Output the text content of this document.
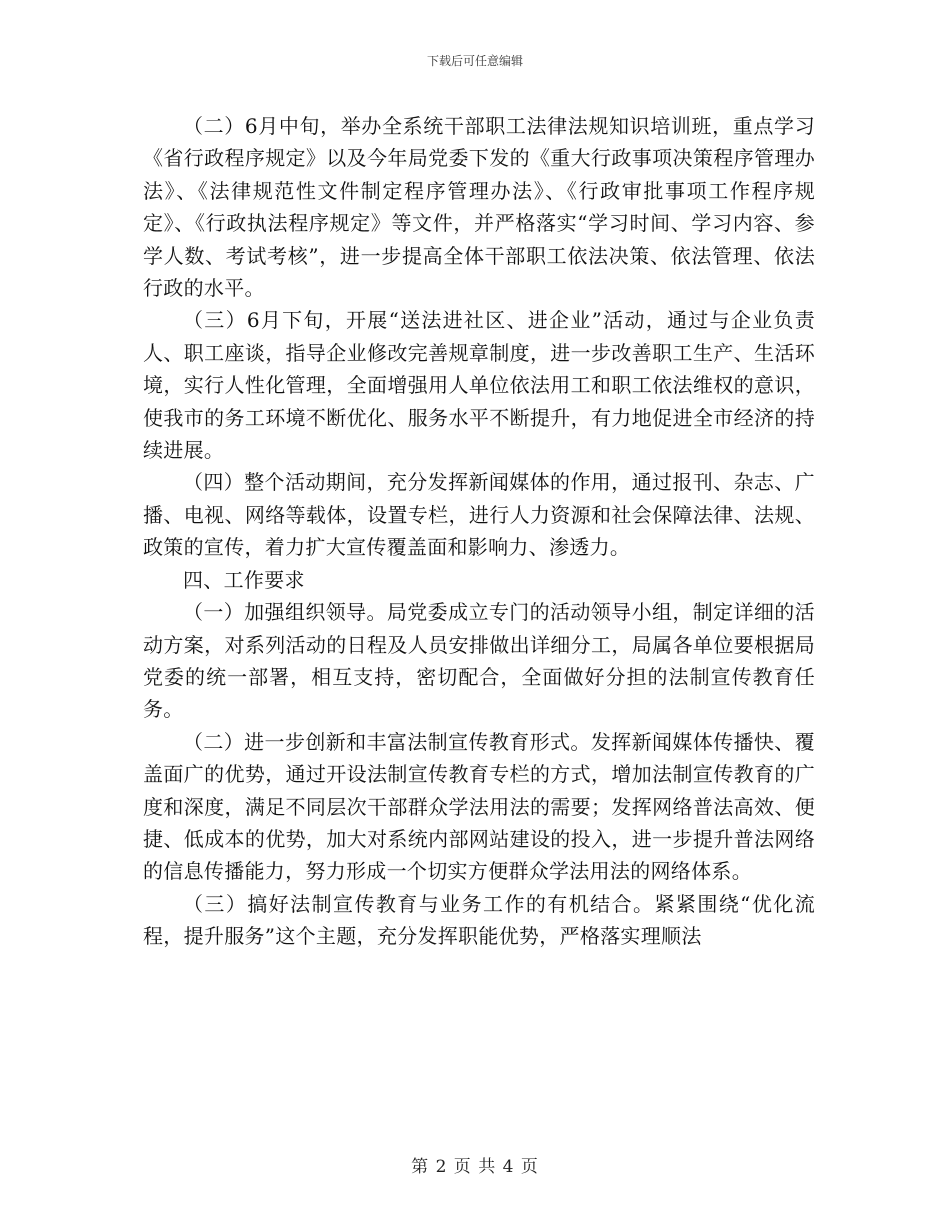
下载后可任意编辑

（二）6月中旬，举办全系统干部职工法律法规知识培训班，重点学习《省行政程序规定》以及今年局党委下发的《重大行政事项决策程序管理办法》、《法律规范性文件制定程序管理办法》、《行政审批事项工作程序规定》、《行政执法程序规定》等文件，并严格落实“学习时间、学习内容、参学人数、考试考核”，进一步提高全体干部职工依法决策、依法管理、依法行政的水平。

（三）6月下旬，开展“送法进社区、进企业”活动，通过与企业负责人、职工座谈，指导企业修改完善规章制度，进一步改善职工生产、生活环境，实行人性化管理，全面增强用人单位依法用工和职工依法维权的意识，使我市的务工环境不断优化、服务水平不断提升，有力地促进全市经济的持续进展。

（四）整个活动期间，充分发挥新闻媒体的作用，通过报刊、杂志、广播、电视、网络等载体，设置专栏，进行人力资源和社会保障法律、法规、政策的宣传，着力扩大宣传覆盖面和影响力、渗透力。

四、工作要求

（一）加强组织领导。局党委成立专门的活动领导小组，制定详细的活动方案，对系列活动的日程及人员安排做出详细分工，局属各单位要根据局党委的统一部署，相互支持，密切配合，全面做好分担的法制宣传教育任务。

（二）进一步创新和丰富法制宣传教育形式。发挥新闻媒体传播快、覆盖面广的优势，通过开设法制宣传教育专栏的方式，增加法制宣传教育的广度和深度，满足不同层次干部群众学法用法的需要；发挥网络普法高效、便捷、低成本的优势，加大对系统内部网站建设的投入，进一步提升普法网络的信息传播能力，努力形成一个切实方便群众学法用法的网络体系。

（三）搞好法制宣传教育与业务工作的有机结合。紧紧围绕“优化流程，提升服务”这个主题，充分发挥职能优势，严格落实理顺法

第 2 页 共 4 页
